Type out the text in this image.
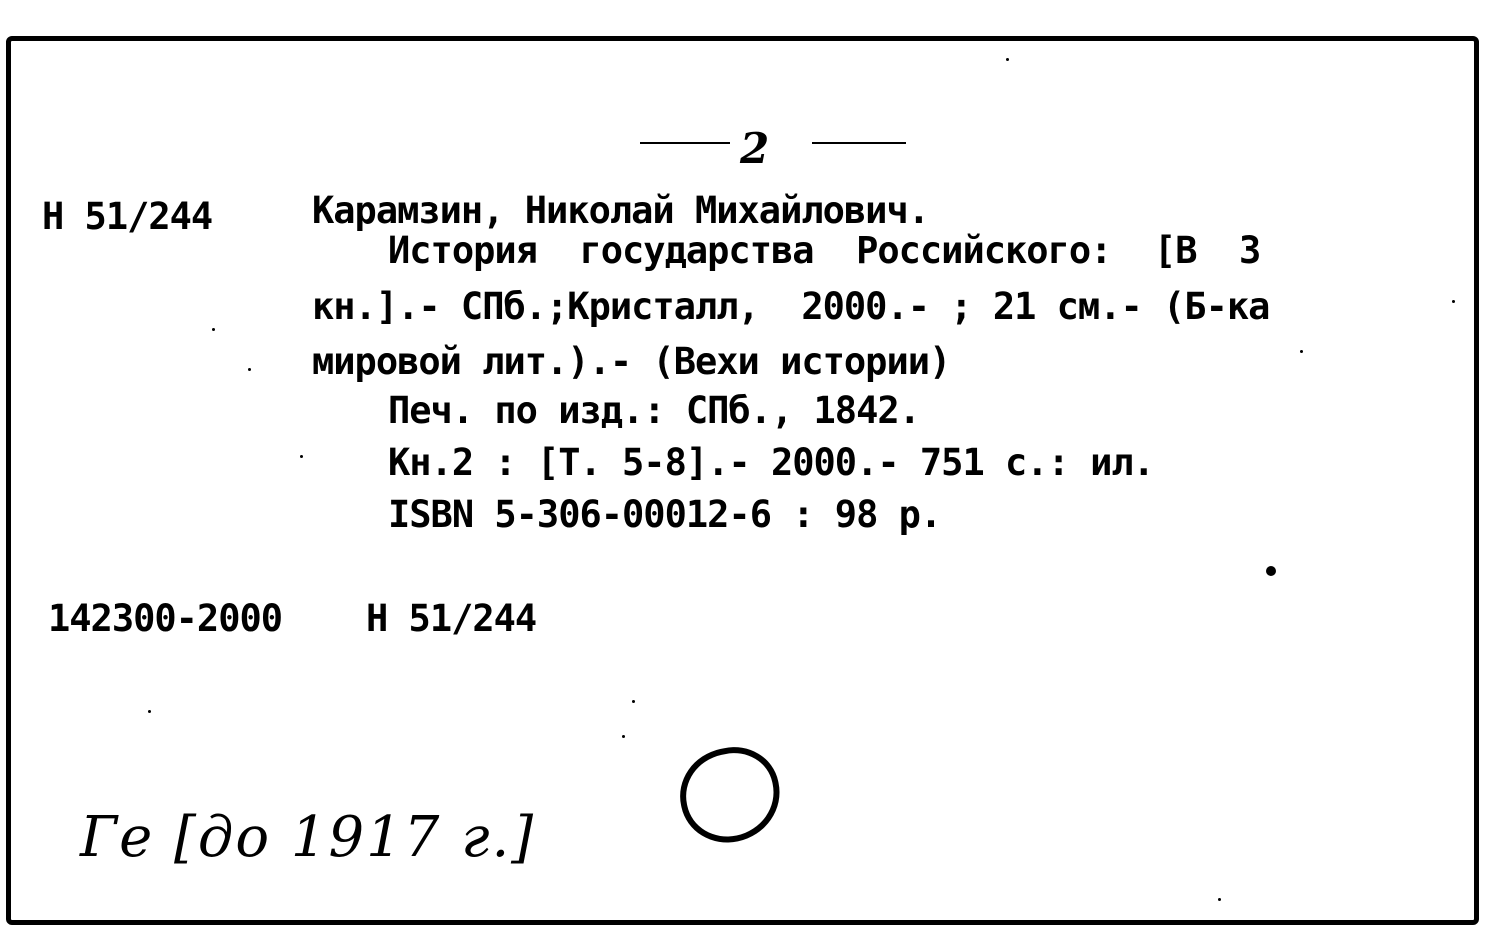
2
Н 51/244	Карамзин, Николай Михайлович.
История  государства  Российского:  [В  3
кн.].- СПб.;Кристалл,  2000.- ; 21 см.- (Б-ка
мировой лит.).- (Вехи истории)
Печ. по изд.: СПб., 1842.
Кн.2 : [Т. 5-8].- 2000.- 751 с.: ил.
ISBN 5-306-00012-6 : 98 р.
142300-2000 Н 51/244
Ге [до 1917 г.]
